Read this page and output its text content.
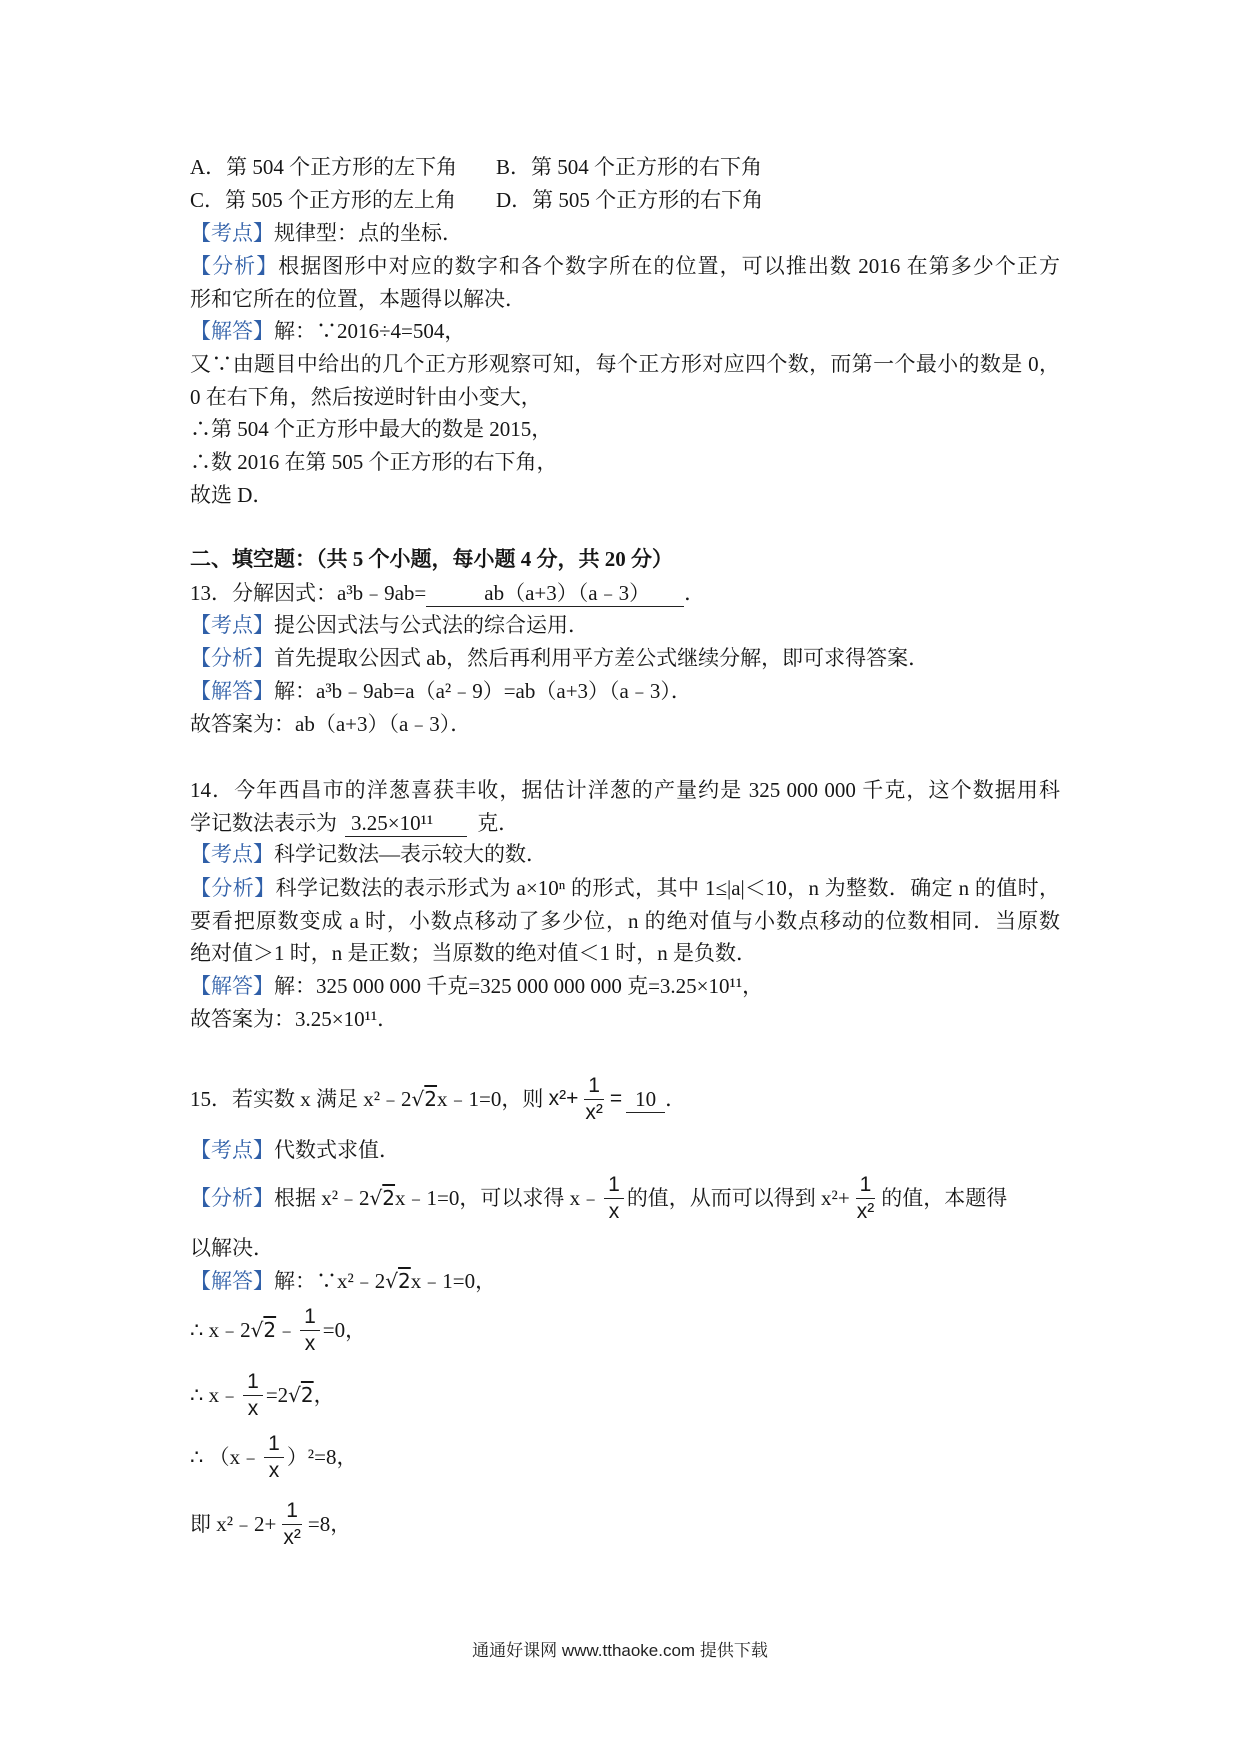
A．第 504 个正方形的左下角 B．第 504 个正方形的右下角
C．第 505 个正方形的左上角 D．第 505 个正方形的右下角
【考点】规律型：点的坐标．
【分析】根据图形中对应的数字和各个数字所在的位置，可以推出数 2016 在第多少个正方
形和它所在的位置，本题得以解决．
【解答】解：∵2016÷4=504，
又∵由题目中给出的几个正方形观察可知，每个正方形对应四个数，而第一个最小的数是 0，
0 在右下角，然后按逆时针由小变大，
∴第 504 个正方形中最大的数是 2015，
∴数 2016 在第 505 个正方形的右下角，
故选 D．
二、填空题：（共 5 个小题，每小题 4 分，共 20 分）
13．分解因式：a³b﹣9ab=	ab（a+3）（a﹣3） ．
【考点】提公因式法与公式法的综合运用．
【分析】首先提取公因式 ab，然后再利用平方差公式继续分解，即可求得答案．
【解答】解：a³b﹣9ab=a（a²﹣9）=ab（a+3）（a﹣3）．
故答案为：ab（a+3）（a﹣3）．
14．今年西昌市的洋葱喜获丰收，据估计洋葱的产量约是 325 000 000 千克，这个数据用科
学记数法表示为 3.25×10¹¹ 克．
【考点】科学记数法—表示较大的数．
【分析】科学记数法的表示形式为 a×10ⁿ 的形式，其中 1≤|a|＜10，n 为整数．确定 n 的值时，
要看把原数变成 a 时，小数点移动了多少位，n 的绝对值与小数点移动的位数相同．当原数
绝对值＞1 时，n 是正数；当原数的绝对值＜1 时，n 是负数．
【解答】解：325 000 000 千克=325 000 000 000 克=3.25×10¹¹，
故答案为：3.25×10¹¹．
15．若实数 x 满足 x²﹣2 √ 2 x﹣1=0，则 $x^2+ \frac{1}{\text{x²}} = 10$ ．
【考点】代数式求值．
【分析】 根据 x²﹣2 √ 2 x﹣1=0，可以求得 x﹣ $\frac{1}{x}$ 的值，从而可以得到 $x^2+ \frac{1}{\text{x²}}$ 的值，本题得
以解决．
【解答】 解：∵x²﹣2 √ 2 x﹣1=0，
∴ x﹣2 √ 2 ﹣ $\frac{1}{x} =0$，
∴ x﹣ $\frac{1}{x} =2$ √ 2 ，
∴ （x﹣ $\frac{1}{x} )^2=8$，
即 x²﹣2+ $\frac{1}{\text{x²}} =8$，
通通好课网 www.tthaoke.com 提供下载
